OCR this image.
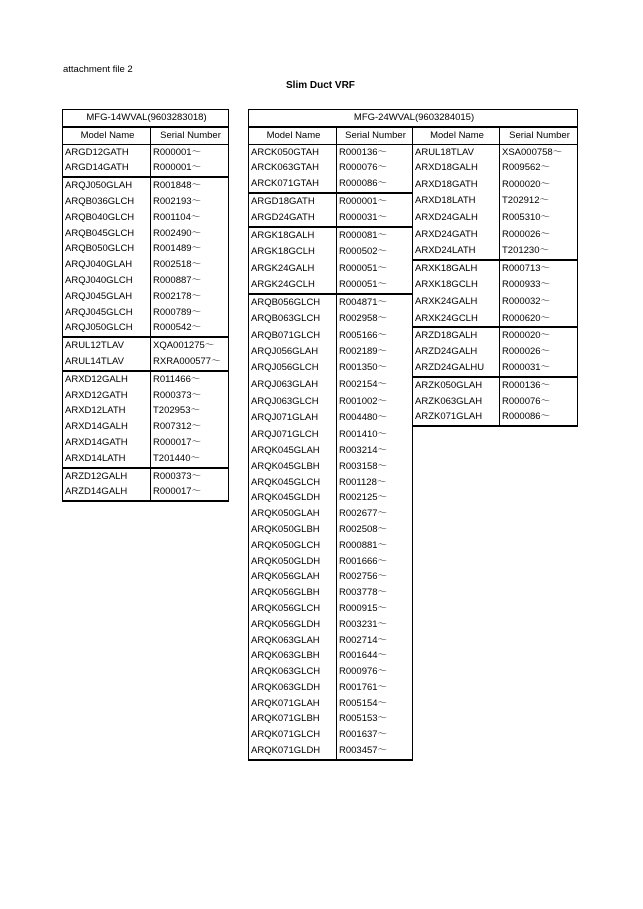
attachment file 2
Slim Duct VRF
MFG-14WVAL(9603283018)	
Model Name	Serial Number
ARGD12GATH	R000001〜
ARGD14GATH	R000001〜
ARQJ050GLAH	R001848〜
ARQB036GLCH	R002193〜
ARQB040GLCH	R001104〜
ARQB045GLCH	R002490〜
ARQB050GLCH	R001489〜
ARQJ040GLAH	R002518〜
ARQJ040GLCH	R000887〜
ARQJ045GLAH	R002178〜
ARQJ045GLCH	R000789〜
ARQJ050GLCH	R000542〜
ARUL12TLAV	XQA001275〜
ARUL14TLAV	RXRA000577〜
ARXD12GALH	R011466〜
ARXD12GATH	R000373〜
ARXD12LATH	T202953〜
ARXD14GALH	R007312〜
ARXD14GATH	R000017〜
ARXD14LATH	T201440〜
ARZD12GALH	R000373〜
ARZD14GALH	R000017〜
MFG-24WVAL(9603284015)			
Model Name	Serial Number	Model Name	Serial Number
ARCK050GTAH	R000136〜	ARUL18TLAV	XSA000758〜
ARCK063GTAH	R000076〜	ARXD18GALH	R009562〜
ARCK071GTAH	R000086〜	ARXD18GATH	R000020〜
ARGD18GATH	R000001〜	ARXD18LATH	T202912〜
ARGD24GATH	R000031〜	ARXD24GALH	R005310〜
ARGK18GALH	R000081〜	ARXD24GATH	R000026〜
ARGK18GCLH	R000502〜	ARXD24LATH	T201230〜
ARGK24GALH	R000051〜	ARXK18GALH	R000713〜
ARGK24GCLH	R000051〜	ARXK18GCLH	R000933〜
ARQB056GLCH	R004871〜	ARXK24GALH	R000032〜
ARQB063GLCH	R002958〜	ARXK24GCLH	R000620〜
ARQB071GLCH	R005166〜	ARZD18GALH	R000020〜
ARQJ056GLAH	R002189〜	ARZD24GALH	R000026〜
ARQJ056GLCH	R001350〜	ARZD24GALHU	R000031〜
ARQJ063GLAH	R002154〜	ARZK050GLAH	R000136〜
ARQJ063GLCH	R001002〜	ARZK063GLAH	R000076〜
ARQJ071GLAH	R004480〜	ARZK071GLAH	R000086〜
ARQJ071GLCH	R001410〜		
ARQK045GLAH	R003214〜		
ARQK045GLBH	R003158〜		
ARQK045GLCH	R001128〜		
ARQK045GLDH	R002125〜		
ARQK050GLAH	R002677〜		
ARQK050GLBH	R002508〜		
ARQK050GLCH	R000881〜		
ARQK050GLDH	R001666〜		
ARQK056GLAH	R002756〜		
ARQK056GLBH	R003778〜		
ARQK056GLCH	R000915〜		
ARQK056GLDH	R003231〜		
ARQK063GLAH	R002714〜		
ARQK063GLBH	R001644〜		
ARQK063GLCH	R000976〜		
ARQK063GLDH	R001761〜		
ARQK071GLAH	R005154〜		
ARQK071GLBH	R005153〜		
ARQK071GLCH	R001637〜		
ARQK071GLDH	R003457〜		
